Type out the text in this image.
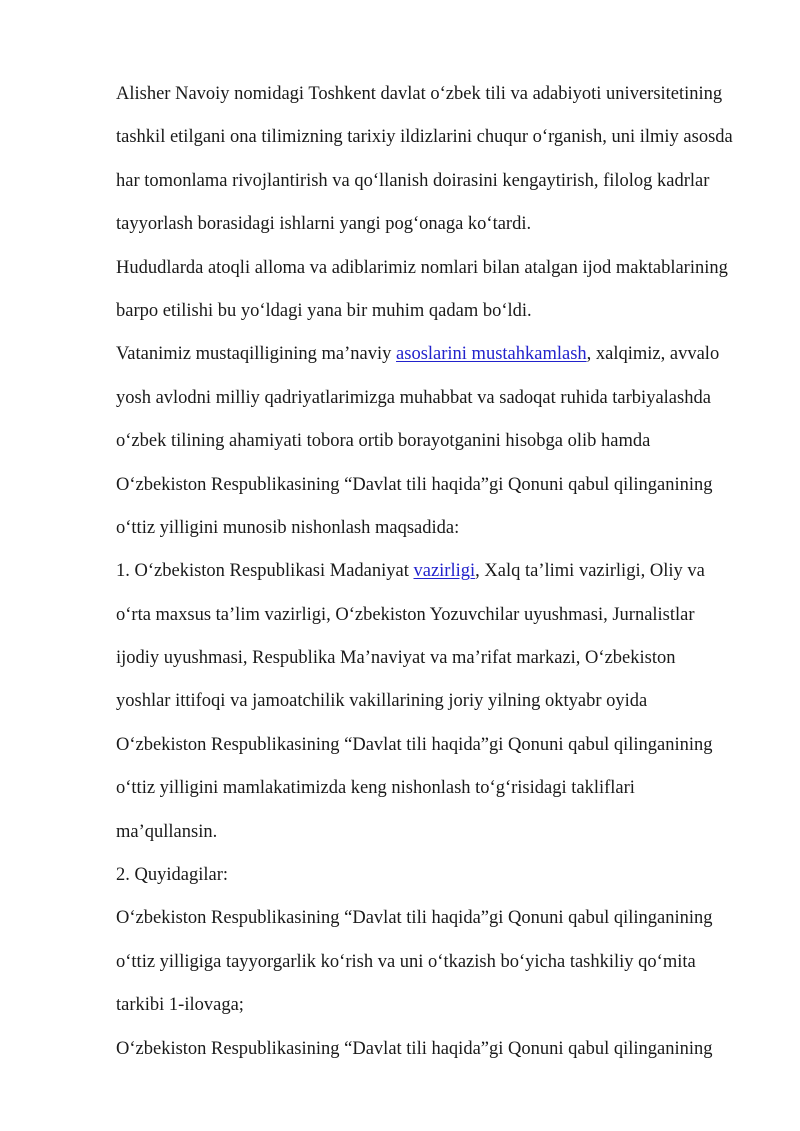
Alisher Navoiy nomidagi Toshkent davlat o‘zbek tili va adabiyoti universitetining
tashkil etilgani ona tilimizning tarixiy ildizlarini chuqur o‘rganish, uni ilmiy asosda
har tomonlama rivojlantirish va qo‘llanish doirasini kengaytirish, filolog kadrlar
tayyorlash borasidagi ishlarni yangi pog‘onaga ko‘tardi.
Hududlarda atoqli alloma va adiblarimiz nomlari bilan atalgan ijod maktablarining
barpo etilishi bu yo‘ldagi yana bir muhim qadam bo‘ldi.
Vatanimiz mustaqilligining ma’naviy asoslarini mustahkamlash, xalqimiz, avvalo
yosh avlodni milliy qadriyatlarimizga muhabbat va sadoqat ruhida tarbiyalashda
o‘zbek tilining ahamiyati tobora ortib borayotganini hisobga olib hamda
O‘zbekiston Respublikasining “Davlat tili haqida”gi Qonuni qabul qilinganining
o‘ttiz yilligini munosib nishonlash maqsadida:
1. O‘zbekiston Respublikasi Madaniyat vazirligi, Xalq ta’limi vazirligi, Oliy va
o‘rta maxsus ta’lim vazirligi, O‘zbekiston Yozuvchilar uyushmasi, Jurnalistlar
ijodiy uyushmasi, Respublika Ma’naviyat va ma’rifat markazi, O‘zbekiston
yoshlar ittifoqi va jamoatchilik vakillarining joriy yilning oktyabr oyida
O‘zbekiston Respublikasining “Davlat tili haqida”gi Qonuni qabul qilinganining
o‘ttiz yilligini mamlakatimizda keng nishonlash to‘g‘risidagi takliflari
ma’qullansin.
2. Quyidagilar:
O‘zbekiston Respublikasining “Davlat tili haqida”gi Qonuni qabul qilinganining
o‘ttiz yilligiga tayyorgarlik ko‘rish va uni o‘tkazish bo‘yicha tashkiliy qo‘mita
tarkibi 1-ilovaga;
O‘zbekiston Respublikasining “Davlat tili haqida”gi Qonuni qabul qilinganining
